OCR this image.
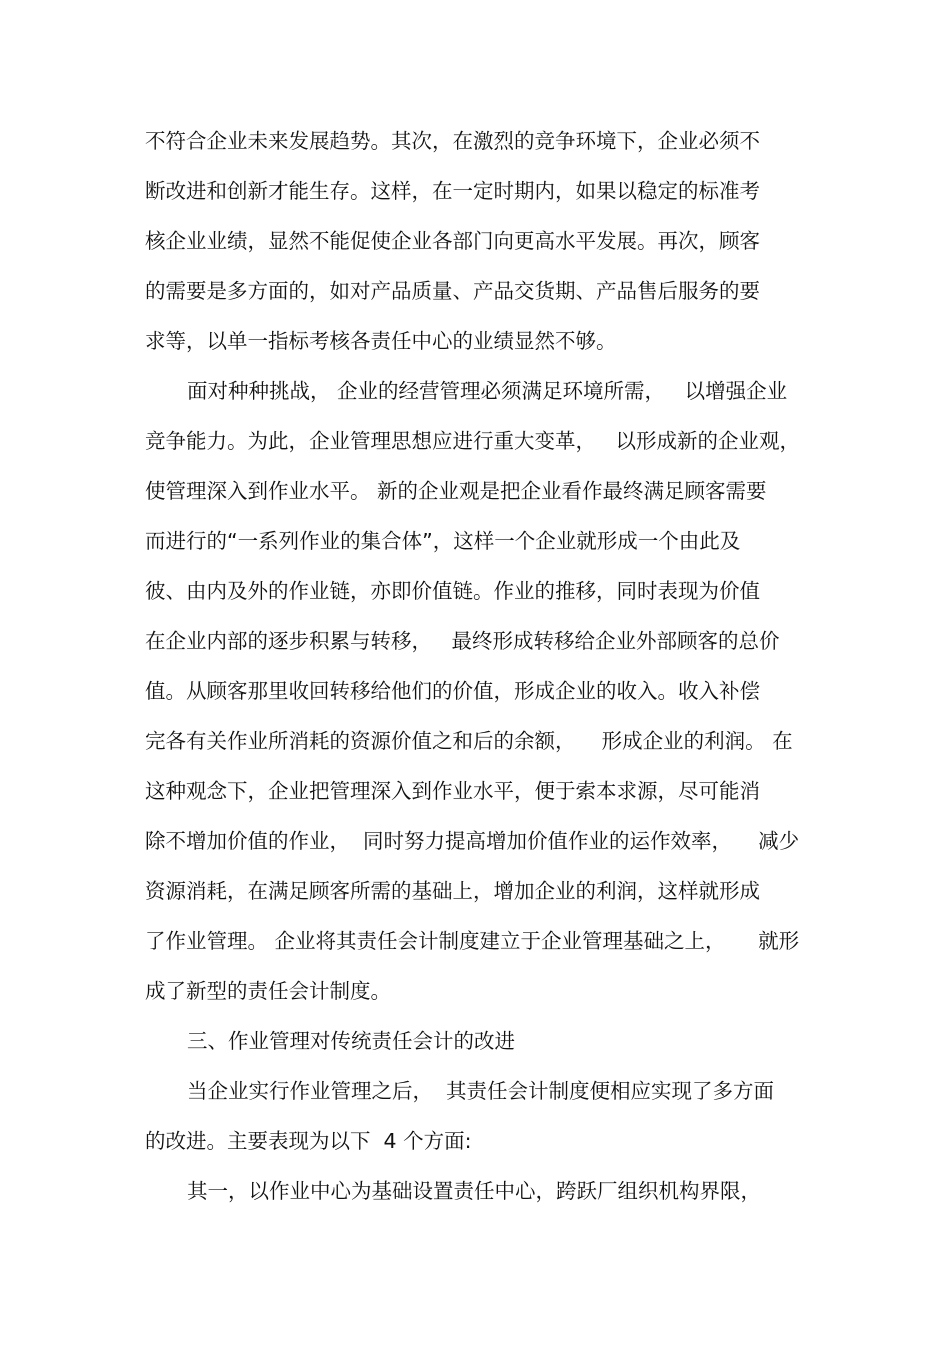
不符合企业未来发展趋势。其次，在激烈的竞争环境下，企业必须不
断改进和创新才能生存。这样，在一定时期内，如果以稳定的标准考
核企业业绩，显然不能促使企业各部门向更高水平发展。再次，顾客
的需要是多方面的，如对产品质量、产品交货期、产品售后服务的要
求等，以单一指标考核各责任中心的业绩显然不够。
面对种种挑战， 企业的经营管理必须满足环境所需，   以增强企业
竞争能力。为此，企业管理思想应进行重大变革，   以形成新的企业观，
使管理深入到作业水平。 新的企业观是把企业看作最终满足顾客需要
而进行的“一系列作业的集合体”，这样一个企业就形成一个由此及
彼、由内及外的作业链，亦即价值链。作业的推移，同时表现为价值
在企业内部的逐步积累与转移，   最终形成转移给企业外部顾客的总价
值。从顾客那里收回转移给他们的价值，形成企业的收入。收入补偿
完各有关作业所消耗的资源价值之和后的余额，    形成企业的利润。 在
这种观念下，企业把管理深入到作业水平，便于索本求源，尽可能消
除不增加价值的作业，  同时努力提高增加价值作业的运作效率，    减少
资源消耗，在满足顾客所需的基础上，增加企业的利润，这样就形成
了作业管理。 企业将其责任会计制度建立于企业管理基础之上，     就形
成了新型的责任会计制度。
三、作业管理对传统责任会计的改进
当企业实行作业管理之后，  其责任会计制度便相应实现了多方面
的改进。主要表现为以下  4 个方面:
其一，以作业中心为基础设置责任中心，跨跃厂组织机构界限，
